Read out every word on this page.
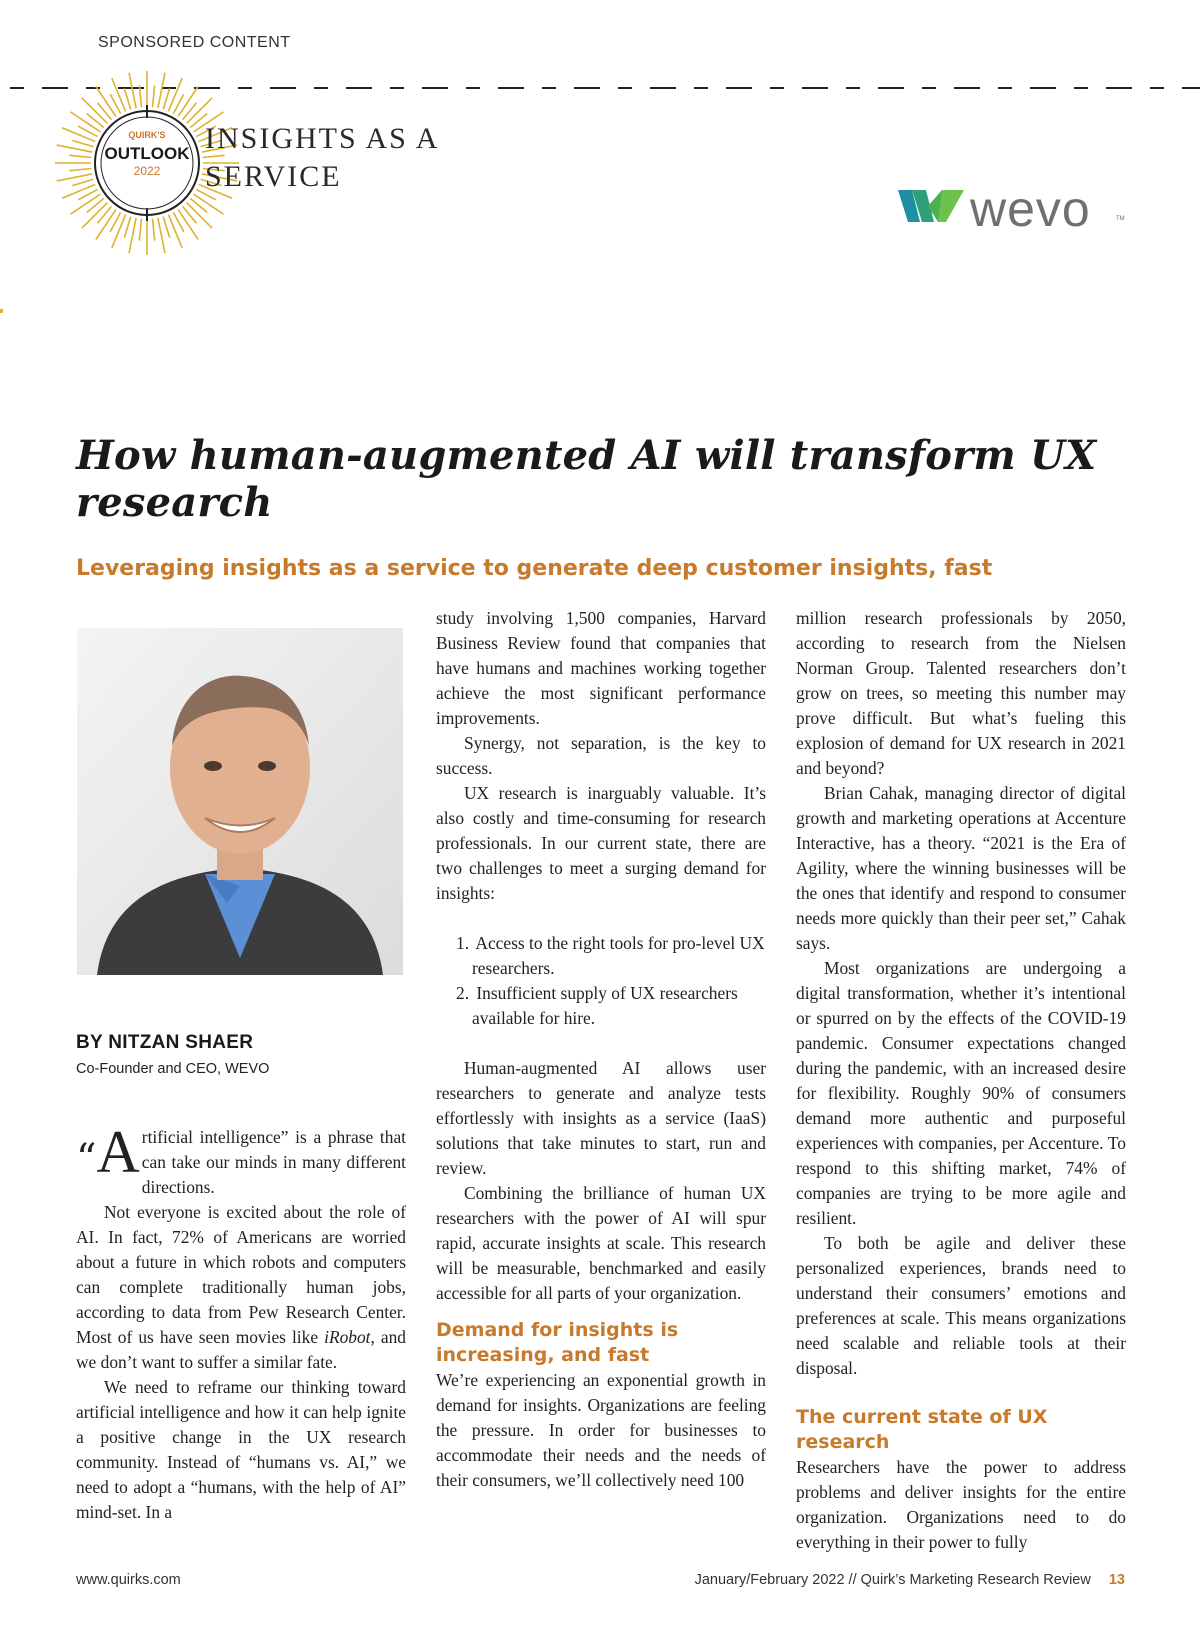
SPONSORED CONTENT
QUIRK'S
OUTLOOK
2022
INSIGHTS AS A
SERVICE
wevo	TM
How human-augmented AI will transform UX research
Leveraging insights as a service to generate deep customer insights, fast
BY NITZAN SHAER
Co-Founder and CEO, WEVO

“A rtificial intelligence” is a phrase that can take our minds in many different directions.

Not everyone is excited about the role of AI. In fact, 72% of Americans are worried about a future in which robots and computers can complete traditionally human jobs, according to data from Pew Research Center. Most of us have seen movies like iRobot, and we don’t want to suffer a similar fate.

We need to reframe our thinking toward artificial intelligence and how it can help ignite a positive change in the UX research community. Instead of “humans vs. AI,” we need to adopt a “humans, with the help of AI” mind-set. In a

study involving 1,500 companies, Harvard Business Review found that companies that have humans and machines working together achieve the most significant performance improvements.

Synergy, not separation, is the key to success.

UX research is inarguably valuable. It’s also costly and time-consuming for research professionals. In our current state, there are two challenges to meet a surging demand for insights:

1. Access to the right tools for pro-level UX researchers.
2. Insufficient supply of UX researchers available for hire.

Human-augmented AI allows user researchers to generate and analyze tests effortlessly with insights as a service (IaaS) solutions that take minutes to start, run and review.

Combining the brilliance of human UX researchers with the power of AI will spur rapid, accurate insights at scale. This research will be measurable, benchmarked and easily accessible for all parts of your organization.

Demand for insights is increasing, and fast

We’re experiencing an exponential growth in demand for insights. Organizations are feeling the pressure. In order for businesses to accommodate their needs and the needs of their consumers, we’ll collectively need 100

million research professionals by 2050, according to research from the Nielsen Norman Group. Talented researchers don’t grow on trees, so meeting this number may prove difficult. But what’s fueling this explosion of demand for UX research in 2021 and beyond?

Brian Cahak, managing director of digital growth and marketing operations at Accenture Interactive, has a theory. “2021 is the Era of Agility, where the winning businesses will be the ones that identify and respond to consumer needs more quickly than their peer set,” Cahak says.

Most organizations are undergoing a digital transformation, whether it’s intentional or spurred on by the effects of the COVID-19 pandemic. Consumer expectations changed during the pandemic, with an increased desire for flexibility. Roughly 90% of consumers demand more authentic and purposeful experiences with companies, per Accenture. To respond to this shifting market, 74% of companies are trying to be more agile and resilient.

To both be agile and deliver these personalized experiences, brands need to understand their consumers’ emotions and preferences at scale. This means organizations need scalable and reliable tools at their disposal.

The current state of UX research

Researchers have the power to address problems and deliver insights for the entire organization. Organizations need to do everything in their power to fully

www.quirks.com	January/February 2022 // Quirk’s Marketing Research Review 13
